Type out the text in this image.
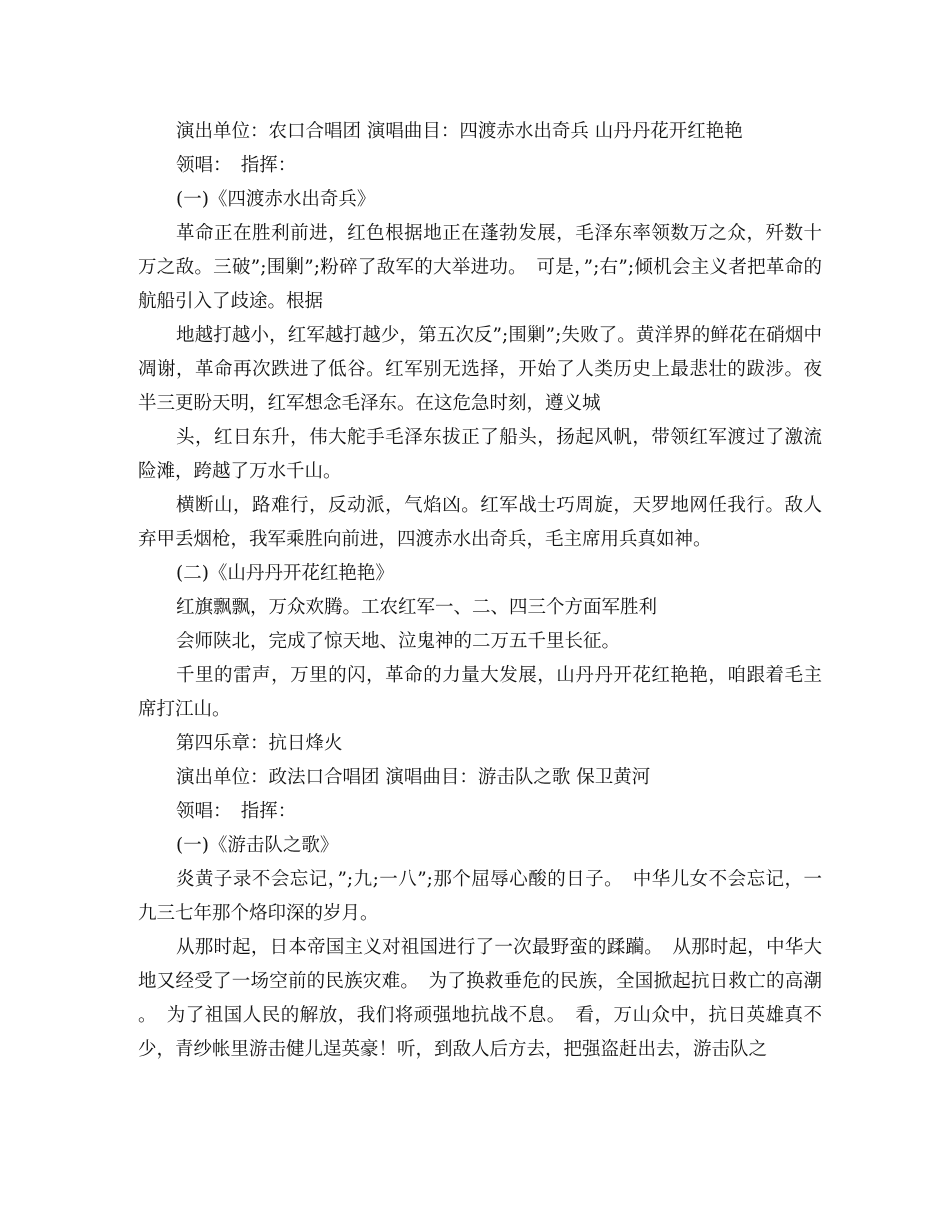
演出单位：农口合唱团 演唱曲目：四渡赤水出奇兵 山丹丹花开红艳艳

领唱：　指挥：

(一)《四渡赤水出奇兵》

革命正在胜利前进，红色根据地正在蓬勃发展，毛泽东率领数万之众，歼数十万之敌。三破”;围剿”;粉碎了敌军的大举进功。　可是，”;右”;倾机会主义者把革命的航船引入了歧途。根据

地越打越小，红军越打越少，第五次反”;围剿”;失败了。黄洋界的鲜花在硝烟中凋谢，革命再次跌进了低谷。红军别无选择，开始了人类历史上最悲壮的跋涉。夜半三更盼天明，红军想念毛泽东。在这危急时刻，遵义城

头，红日东升，伟大舵手毛泽东拔正了船头，扬起风帆，带领红军渡过了激流险滩，跨越了万水千山。

横断山，路难行，反动派，气焰凶。红军战士巧周旋，天罗地网任我行。敌人弃甲丢烟枪，我军乘胜向前进，四渡赤水出奇兵，毛主席用兵真如神。

(二)《山丹丹开花红艳艳》

红旗飘飘，万众欢腾。工农红军一、二、四三个方面军胜利

会师陕北，完成了惊天地、泣鬼神的二万五千里长征。

千里的雷声，万里的闪，革命的力量大发展，山丹丹开花红艳艳，咱跟着毛主席打江山。

第四乐章：抗日烽火

演出单位：政法口合唱团 演唱曲目：游击队之歌 保卫黄河

领唱：　指挥：

(一)《游击队之歌》

炎黄子录不会忘记，”;九;一八”;那个屈辱心酸的日子。　中华儿女不会忘记，一九三七年那个烙印深的岁月。

从那时起，日本帝国主义对祖国进行了一次最野蛮的蹂躏。　从那时起，中华大地又经受了一场空前的民族灾难。　为了换救垂危的民族，全国掀起抗日救亡的高潮。　为了祖国人民的解放，我们将顽强地抗战不息。　看，万山众中，抗日英雄真不少，青纱帐里游击健儿逞英豪！听，到敌人后方去，把强盗赶出去，游击队之
